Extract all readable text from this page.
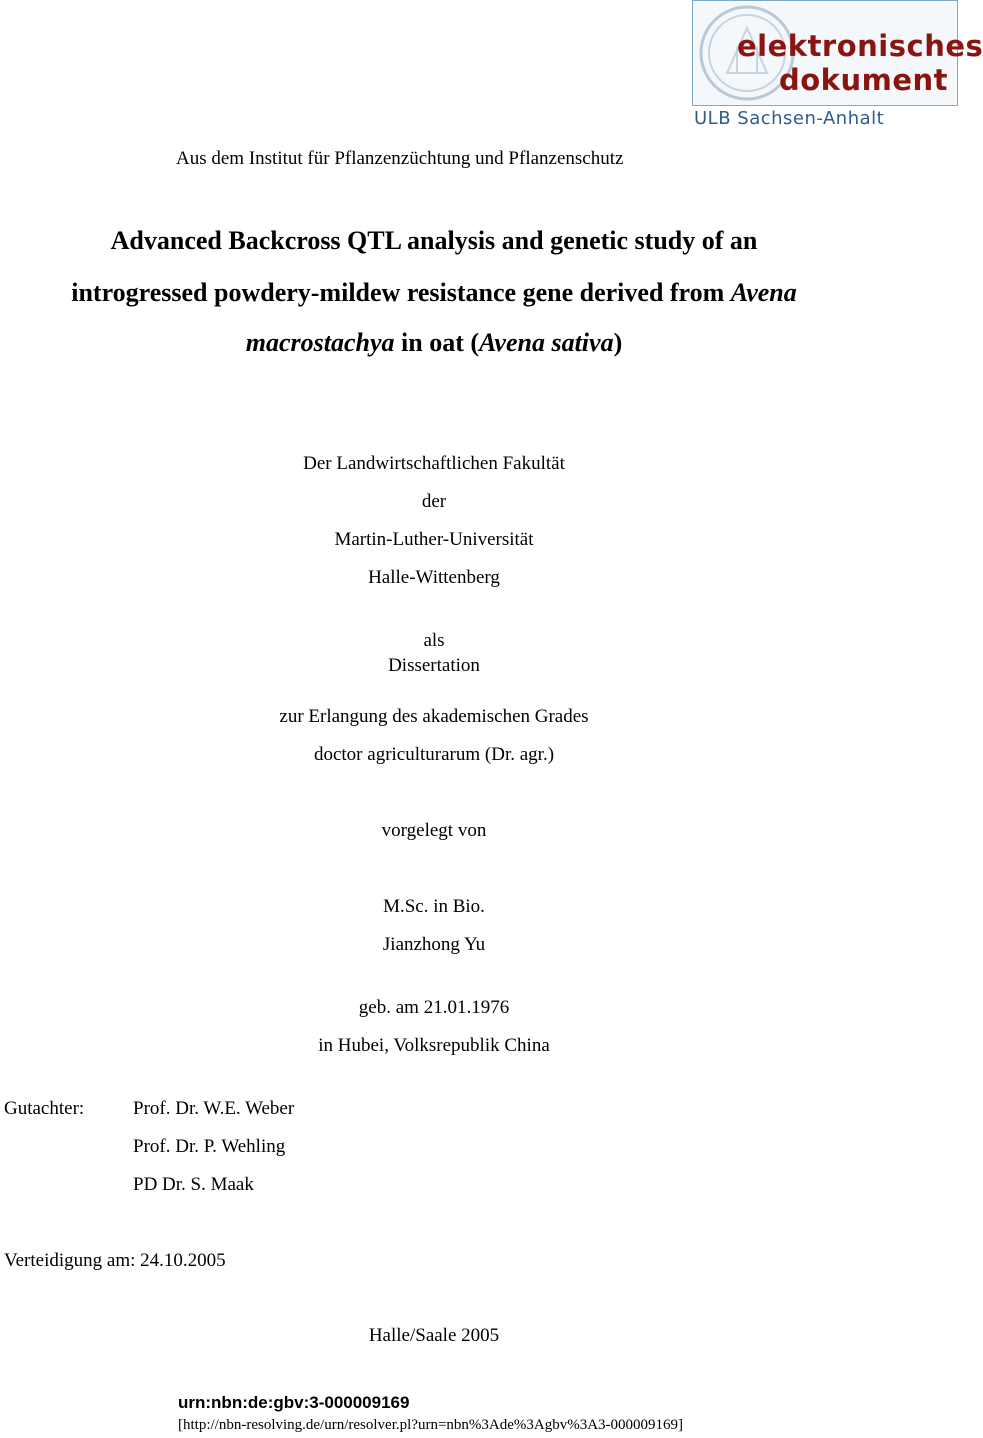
elektronisches
dokument
ULB Sachsen-Anhalt
Aus dem Institut für Pflanzenzüchtung und Pflanzenschutz
Advanced Backcross QTL analysis and genetic study of an
introgressed powdery-mildew resistance gene derived from Avena
macrostachya in oat (Avena sativa)
Der Landwirtschaftlichen Fakultät
der
Martin-Luther-Universität
Halle-Wittenberg
als
Dissertation
zur Erlangung des akademischen Grades
doctor agriculturarum (Dr. agr.)
vorgelegt von
M.Sc. in Bio.
Jianzhong Yu
geb. am 21.01.1976
in Hubei, Volksrepublik China
Gutachter:	Prof. Dr. W.E. Weber
Prof. Dr. P. Wehling
PD Dr. S. Maak
Verteidigung am: 24.10.2005
Halle/Saale 2005
urn:nbn:de:gbv:3-000009169
[http://nbn-resolving.de/urn/resolver.pl?urn=nbn%3Ade%3Agbv%3A3-000009169]
